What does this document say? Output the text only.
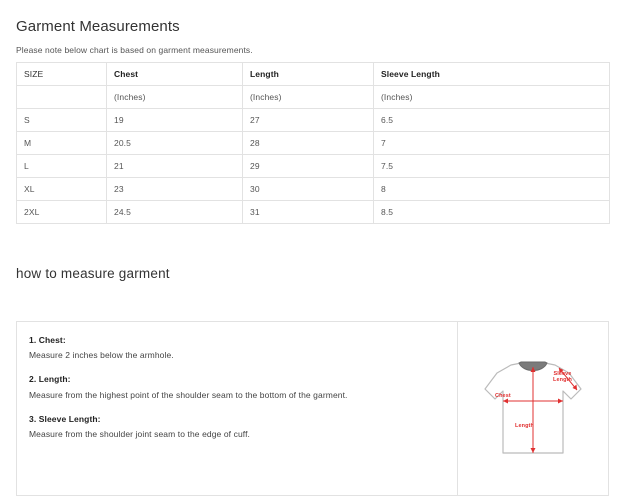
Garment Measurements
Please note below chart is based on garment measurements.
SIZE	Chest	Length	Sleeve Length
	(Inches)	(Inches)	(Inches)
S	19	27	6.5
M	20.5	28	7
L	21	29	7.5
XL	23	30	8
2XL	24.5	31	8.5
how to measure garment
1. Chest:
Measure 2 inches below the armhole.
2. Length:
Measure from the highest point of the shoulder seam to the bottom of the garment.
3. Sleeve Length:
Measure from the shoulder joint seam to the edge of cuff.
Chest
Length
Sleeve
Length
